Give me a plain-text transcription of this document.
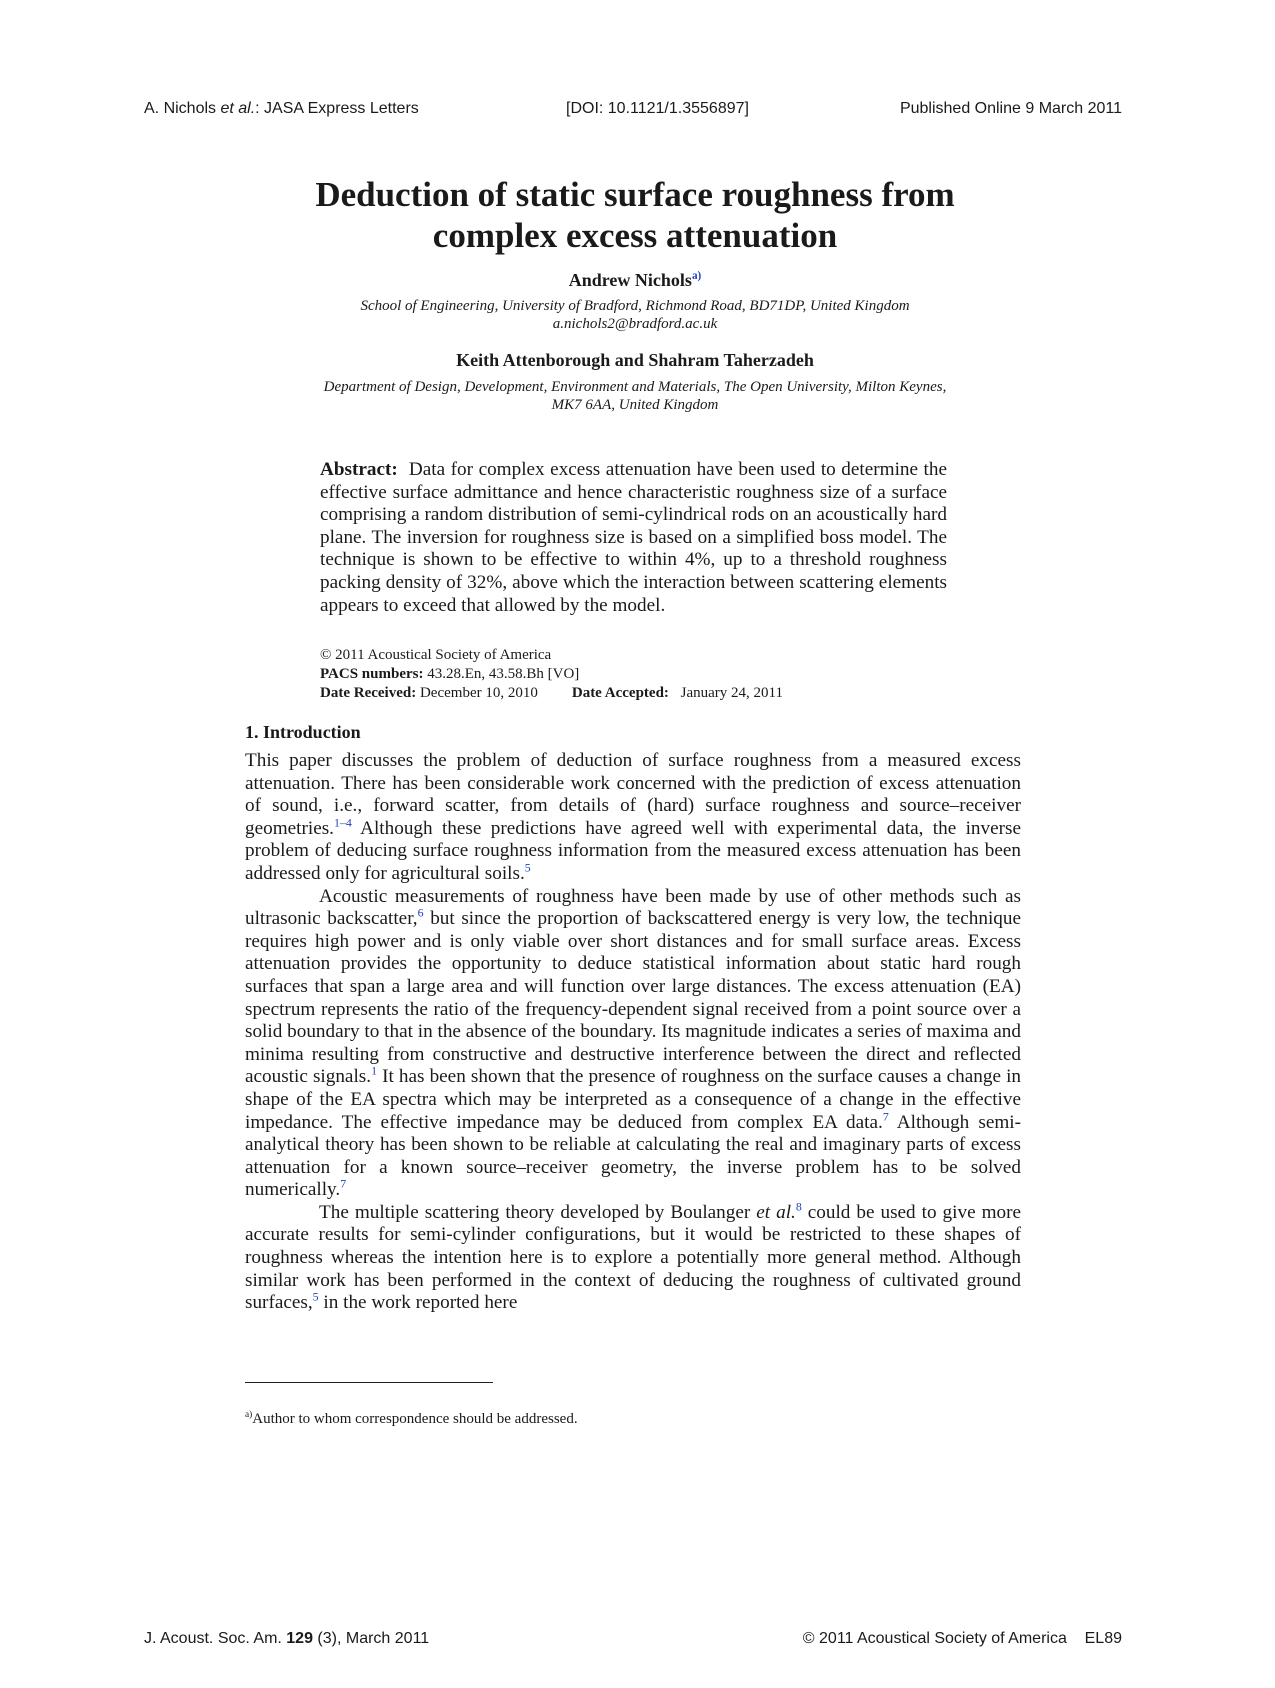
A. Nichols et al.: JASA Express Letters	[DOI: 10.1121/1.3556897]	Published Online 9 March 2011
Deduction of static surface roughness from
complex excess attenuation
Andrew Nichols$^{a)}$
School of Engineering, University of Bradford, Richmond Road, BD71DP, United Kingdom
a.nichols2@bradford.ac.uk
Keith Attenborough and Shahram Taherzadeh
Department of Design, Development, Environment and Materials, The Open University, Milton Keynes,
MK7 6AA, United Kingdom
Abstract: Data for complex excess attenuation have been used to determine the effective surface admittance and hence characteristic roughness size of a surface comprising a random distribution of semi-cylindrical rods on an acoustically hard plane. The inversion for roughness size is based on a simplified boss model. The technique is shown to be effective to within 4%, up to a threshold roughness packing density of 32%, above which the interaction between scattering elements appears to exceed that allowed by the model.
© 2011 Acoustical Society of America
PACS numbers: 43.28.En, 43.58.Bh [VO]
Date Received: December 10, 2010 Date Accepted: January 24, 2011
1. Introduction

This paper discusses the problem of deduction of surface roughness from a measured excess attenuation. There has been considerable work concerned with the prediction of excess attenuation of sound, i.e., forward scatter, from details of (hard) surface roughness and source–receiver geometries.$^{1-4}$ Although these predictions have agreed well with experimental data, the inverse problem of deducing surface roughness information from the measured excess attenuation has been addressed only for agricultural soils.$^5$

Acoustic measurements of roughness have been made by use of other methods such as ultrasonic backscatter,$^6$ but since the proportion of backscattered energy is very low, the technique requires high power and is only viable over short distances and for small surface areas. Excess attenuation provides the opportunity to deduce statistical information about static hard rough surfaces that span a large area and will function over large distances. The excess attenuation (EA) spectrum represents the ratio of the frequency-dependent signal received from a point source over a solid boundary to that in the absence of the boundary. Its magnitude indicates a series of maxima and minima resulting from constructive and destructive interference between the direct and reflected acoustic signals.$^1$ It has been shown that the presence of roughness on the surface causes a change in shape of the EA spectra which may be interpreted as a consequence of a change in the effective impedance. The effective impedance may be deduced from complex EA data.$^7$ Although semi-analytical theory has been shown to be reliable at calculating the real and imaginary parts of excess attenuation for a known source–receiver geometry, the inverse problem has to be solved numerically.$^7$

The multiple scattering theory developed by Boulanger et al.$^8$ could be used to give more accurate results for semi-cylinder configurations, but it would be restricted to these shapes of roughness whereas the intention here is to explore a potentially more general method. Although similar work has been performed in the context of deducing the roughness of cultivated ground surfaces,$^5$ in the work reported here

$^{a)}$Author to whom correspondence should be addressed.
J. Acoust. Soc. Am. 129 (3), March 2011	© 2011 Acoustical Society of America    EL89
